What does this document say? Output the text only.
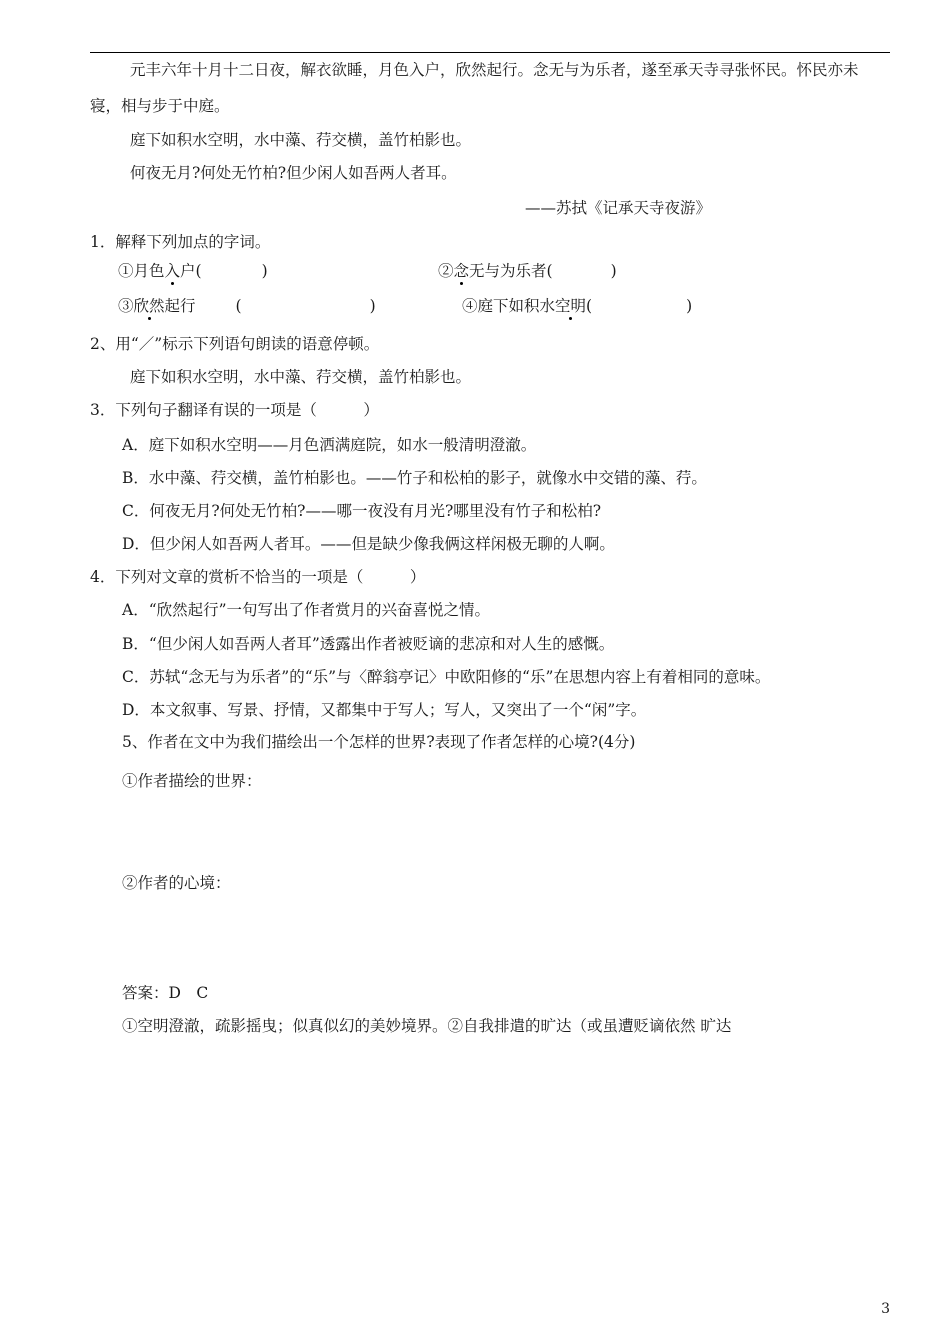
元丰六年十月十二日夜，解衣欲睡，月色入户，欣然起行。念无与为乐者，遂至承天寺寻张怀民。怀民亦未
寝，相与步于中庭。
庭下如积水空明，水中藻、荇交横，盖竹柏影也。
何夜无月?何处无竹柏?但少闲人如吾两人者耳。
——苏拭《记承天寺夜游》
1．解释下列加点的字词。
①月色入户(	)	②念无与为乐者(	)
③欣然起行	(	)	④庭下如积水空明(	)
2、用“／”标示下列语句朗读的语意停顿。
庭下如积水空明，水中藻、荇交横，盖竹柏影也。
3．下列句子翻译有误的一项是（　　　）
A．庭下如积水空明——月色洒满庭院，如水一般清明澄澈。
B．水中藻、荇交横，盖竹柏影也。——竹子和松柏的影子，就像水中交错的藻、荇。
C．何夜无月?何处无竹柏?——哪一夜没有月光?哪里没有竹子和松柏?
D．但少闲人如吾两人者耳。——但是缺少像我俩这样闲极无聊的人啊。
4．下列对文章的赏析不恰当的一项是（　　　）
A．“欣然起行”一句写出了作者赏月的兴奋喜悦之情。
B．“但少闲人如吾两人者耳”透露出作者被贬谪的悲凉和对人生的感慨。
C．苏轼“念无与为乐者”的“乐”与〈醉翁亭记〉中欧阳修的“乐”在思想内容上有着相同的意味。
D．本文叙事、写景、抒情，又都集中于写人；写人，又突出了一个“闲”字。
5、作者在文中为我们描绘出一个怎样的世界?表现了作者怎样的心境?(4分)
①作者描绘的世界：
②作者的心境：
答案：D　C
①空明澄澈，疏影摇曳；似真似幻的美妙境界。②自我排遣的旷达（或虽遭贬谪依然 旷达
3
